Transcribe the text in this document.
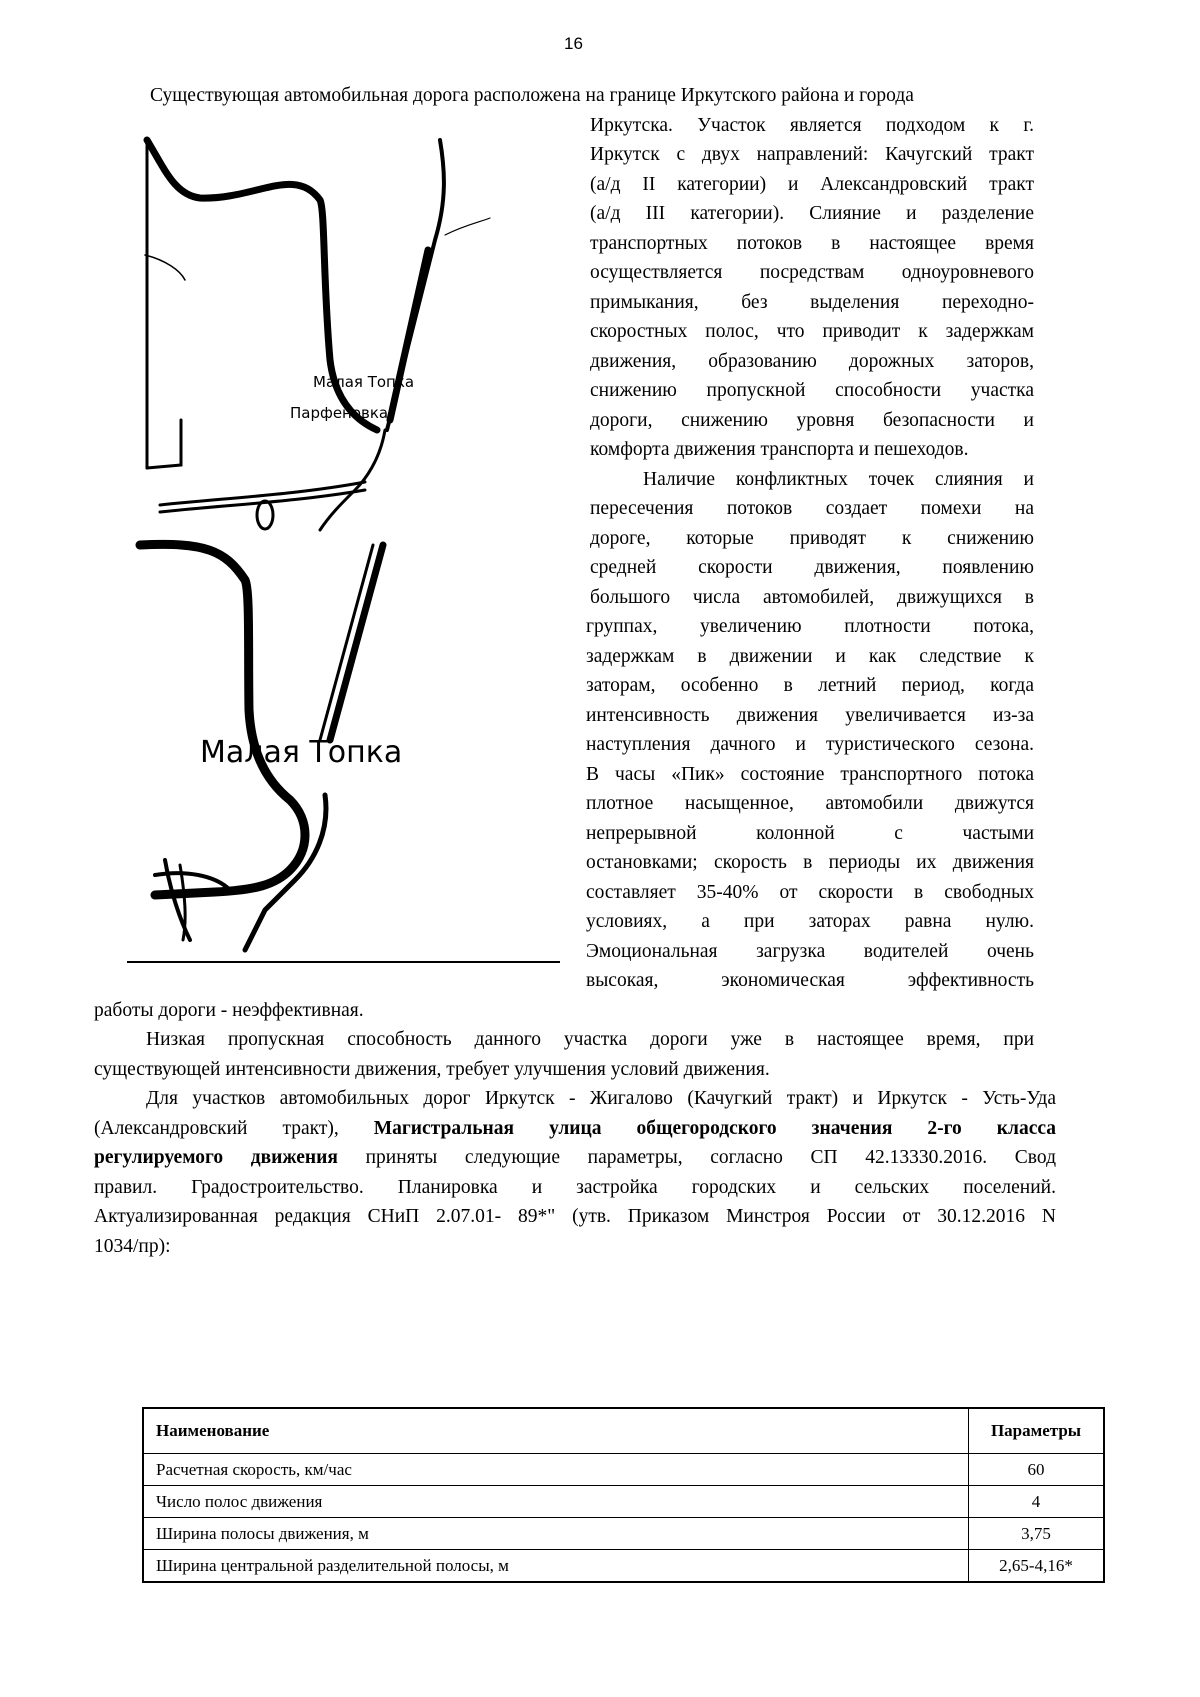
16
Существующая автомобильная дорога расположена на границе Иркутского района и города
Иркутска. Участок является подходом к г.
Иркутск с двух направлений: Качугский тракт
(а/д II категории) и Александровский тракт
(а/д III категории). Слияние и разделение
транспортных потоков в настоящее время
осуществляется посредствам одноуровневого
примыкания, без выделения переходно-
скоростных полос, что приводит к задержкам
движения, образованию дорожных заторов,
снижению пропускной способности участка
дороги, снижению уровня безопасности и
комфорта движения транспорта и пешеходов.
Наличие конфликтных точек слияния и
пересечения потоков создает помехи на
дороге, которые приводят к снижению
средней скорости движения, появлению
большого числа автомобилей, движущихся в
группах, увеличению плотности потока,
задержкам в движении и как следствие к
заторам, особенно в летний период, когда
интенсивность движения увеличивается из-за
наступления дачного и туристического сезона.
В часы «Пик» состояние транспортного потока
плотное насыщенное, автомобили движутся
непрерывной колонной с частыми
остановками; скорость в периоды их движения
составляет 35-40% от скорости в свободных
условиях, а при заторах равна нулю.
Эмоциональная загрузка водителей очень
высокая, экономическая эффективность
работы дороги - неэффективная.
Низкая пропускная способность данного участка дороги уже в настоящее время, при
существующей интенсивности движения, требует улучшения условий движения.
Для участков автомобильных дорог Иркутск - Жигалово (Качугкий тракт) и Иркутск - Усть-Уда
(Александровский тракт), Магистральная улица общегородского значения 2-го класса
регулируемого движения приняты следующие параметры, согласно СП 42.13330.2016. Свод
правил. Градостроительство. Планировка и застройка городских и сельских поселений.
Актуализированная редакция СНиП 2.07.01- 89*" (утв. Приказом Минстроя России от 30.12.2016 N
1034/пр):
Малая Топка
Парфеновка
Малая Топка
Наименование	Параметры
Расчетная скорость, км/час	60
Число полос движения	4
Ширина полосы движения, м	3,75
Ширина центральной разделительной полосы, м	2,65-4,16*
